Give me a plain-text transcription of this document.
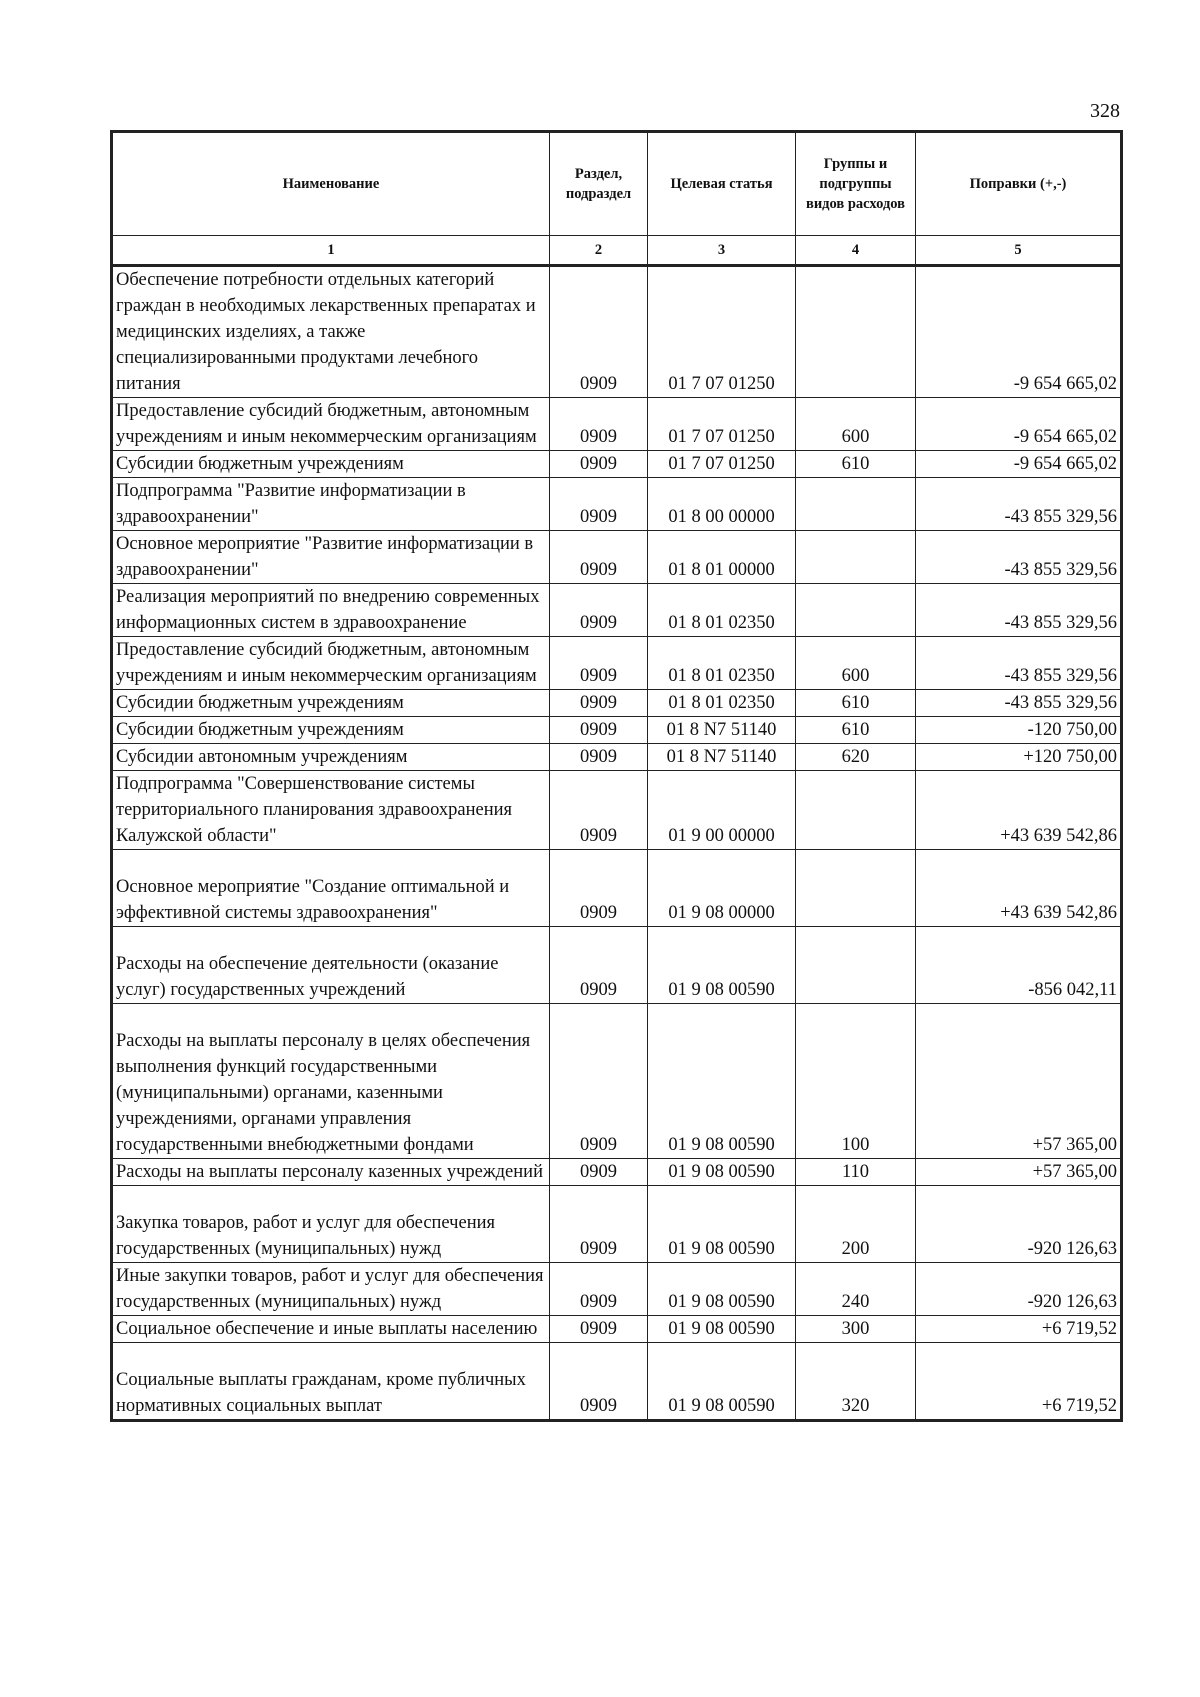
328
Наименование	Раздел, подраздел	Целевая статья	Группы и подгруппы видов расходов	Поправки (+,-)
1	2	3	4	5
Обеспечение потребности отдельных категорий граждан в необходимых лекарственных препаратах и медицинских изделиях, а также специализированными продуктами лечебного питания	0909	01 7 07 01250		-9 654 665,02
Предоставление субсидий бюджетным, автономным учреждениям и иным некоммерческим организациям	0909	01 7 07 01250	600	-9 654 665,02
Субсидии бюджетным учреждениям	0909	01 7 07 01250	610	-9 654 665,02
Подпрограмма "Развитие информатизации в здравоохранении"	0909	01 8 00 00000		-43 855 329,56
Основное мероприятие "Развитие информатизации в здравоохранении"	0909	01 8 01 00000		-43 855 329,56
Реализация мероприятий по внедрению современных информационных систем в здравоохранение	0909	01 8 01 02350		-43 855 329,56
Предоставление субсидий бюджетным, автономным учреждениям и иным некоммерческим организациям	0909	01 8 01 02350	600	-43 855 329,56
Субсидии бюджетным учреждениям	0909	01 8 01 02350	610	-43 855 329,56
Субсидии бюджетным учреждениям	0909	01 8 N7 51140	610	-120 750,00
Субсидии автономным учреждениям	0909	01 8 N7 51140	620	+120 750,00
Подпрограмма "Совершенствование системы территориального планирования здравоохранения Калужской области"	0909	01 9 00 00000		+43 639 542,86

Основное мероприятие "Создание оптимальной и эффективной системы здравоохранения"	0909	01 9 08 00000		+43 639 542,86

Расходы на обеспечение деятельности (оказание услуг) государственных учреждений	0909	01 9 08 00590		-856 042,11

Расходы на выплаты персоналу в целях обеспечения выполнения функций государственными (муниципальными) органами, казенными учреждениями, органами управления государственными внебюджетными фондами	0909	01 9 08 00590	100	+57 365,00
Расходы на выплаты персоналу казенных учреждений	0909	01 9 08 00590	110	+57 365,00

Закупка товаров, работ и услуг для обеспечения государственных (муниципальных) нужд	0909	01 9 08 00590	200	-920 126,63
Иные закупки товаров, работ и услуг для обеспечения государственных (муниципальных) нужд	0909	01 9 08 00590	240	-920 126,63
Социальное обеспечение и иные выплаты населению	0909	01 9 08 00590	300	+6 719,52

Социальные выплаты гражданам, кроме публичных нормативных социальных выплат	0909	01 9 08 00590	320	+6 719,52
